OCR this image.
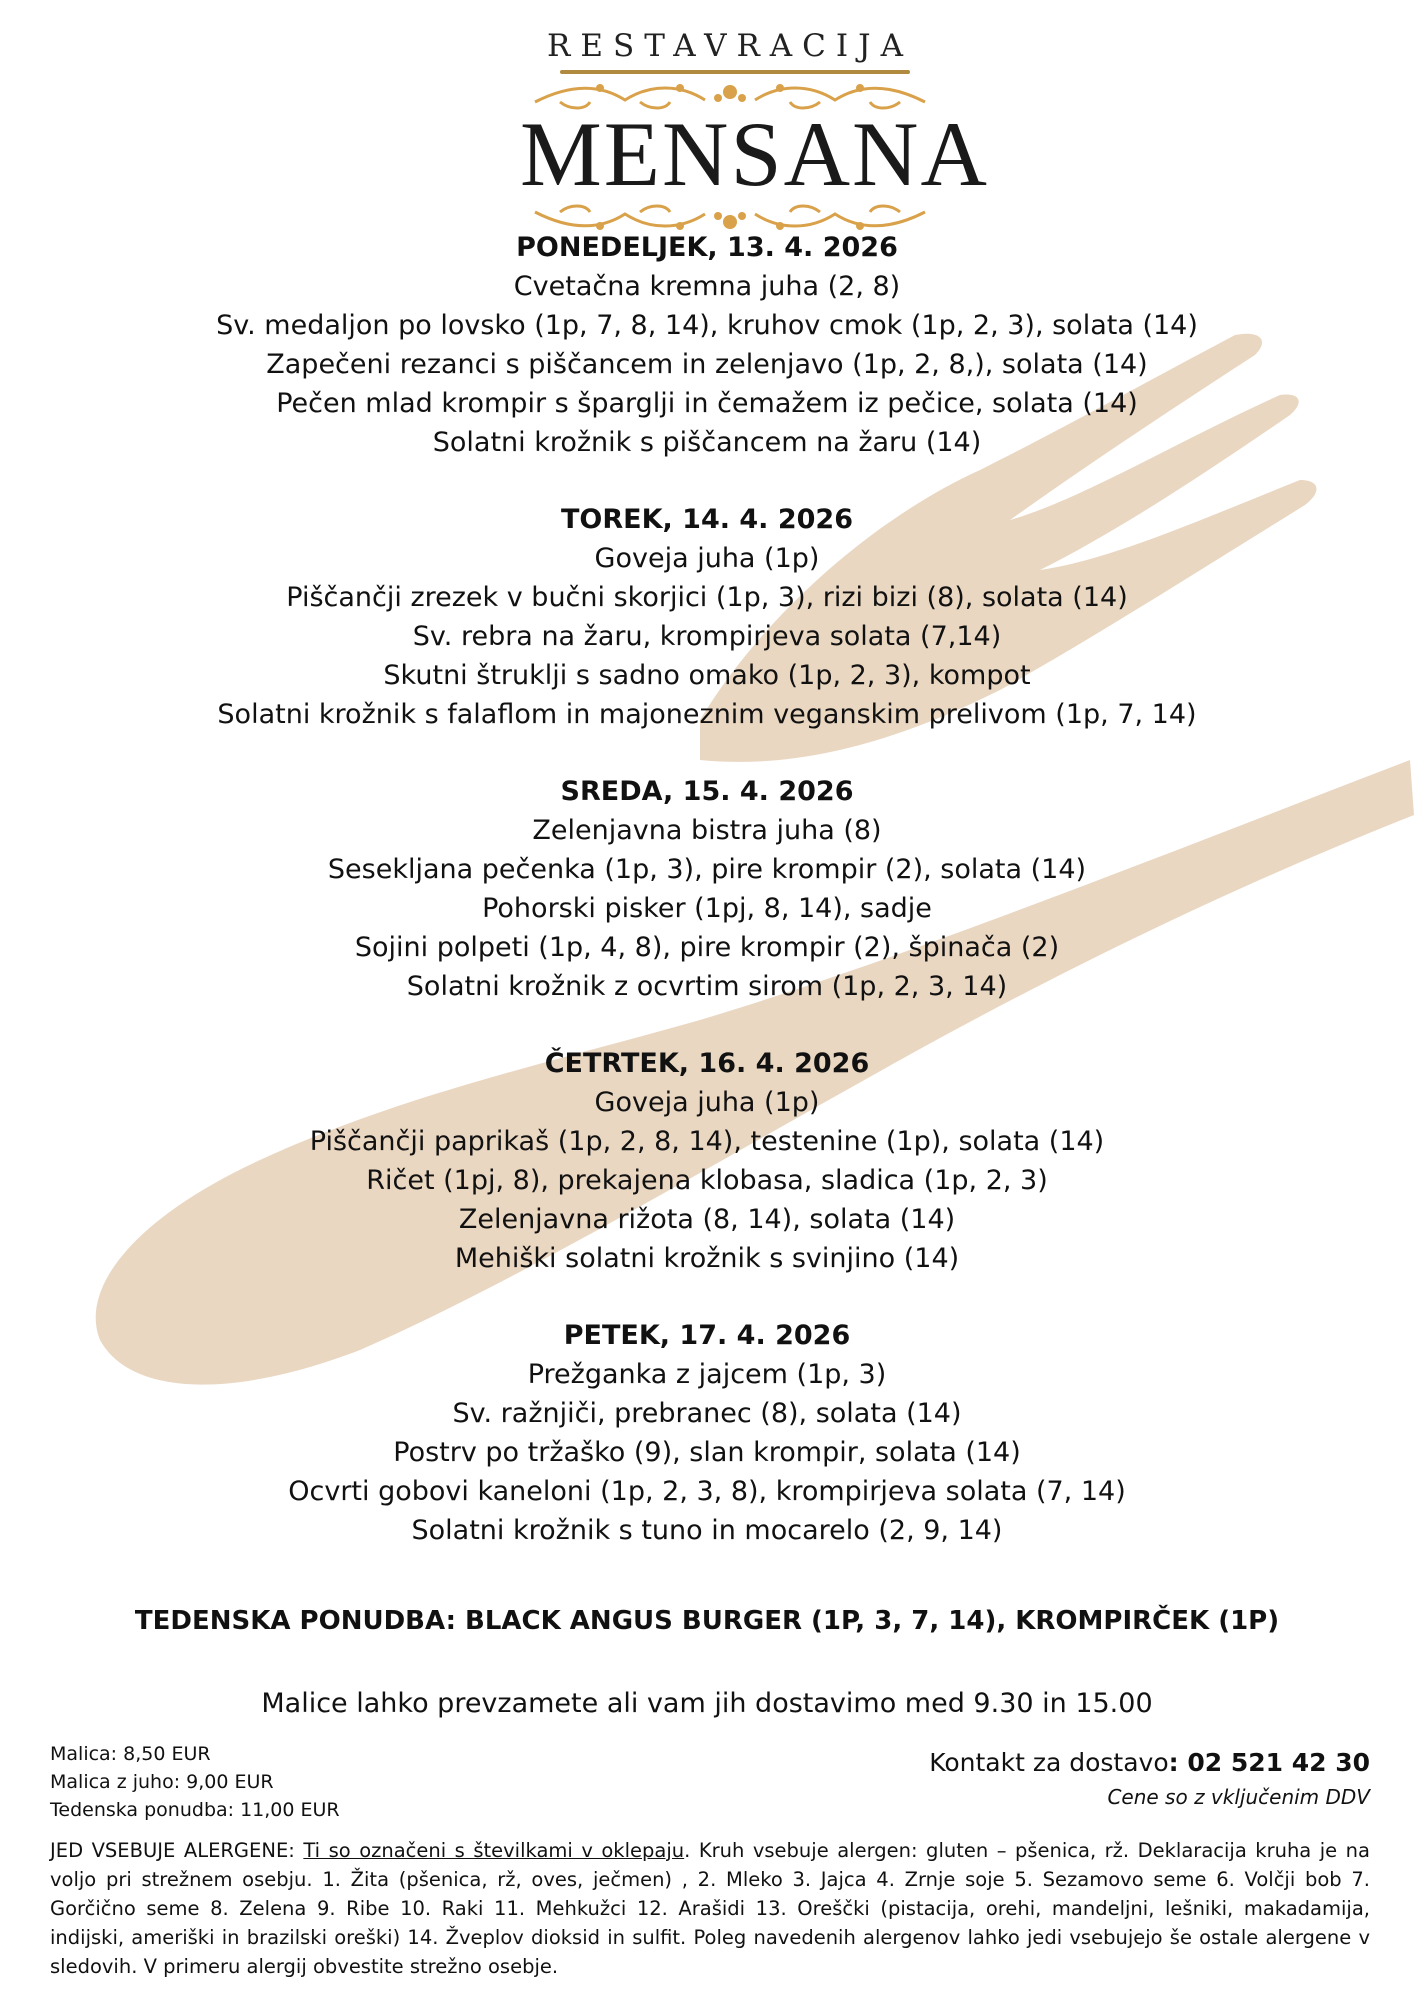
RESTAVRACIJA
MENSANA
PONEDELJEK, 13. 4. 2026
Cvetačna kremna juha (2, 8)
Sv. medaljon po lovsko (1p, 7, 8, 14), kruhov cmok (1p, 2, 3), solata (14)
Zapečeni rezanci s piščancem in zelenjavo (1p, 2, 8,), solata (14)
Pečen mlad krompir s šparglji in čemažem iz pečice, solata (14)
Solatni krožnik s piščancem na žaru (14)
TOREK, 14. 4. 2026
Goveja juha (1p)
Piščančji zrezek v bučni skorjici (1p, 3), rizi bizi (8), solata (14)
Sv. rebra na žaru, krompirjeva solata (7,14)
Skutni štruklji s sadno omako (1p, 2, 3), kompot
Solatni krožnik s falaflom in majoneznim veganskim prelivom (1p, 7, 14)
SREDA, 15. 4. 2026
Zelenjavna bistra juha (8)
Sesekljana pečenka (1p, 3), pire krompir (2), solata (14)
Pohorski pisker (1pj, 8, 14), sadje
Sojini polpeti (1p, 4, 8), pire krompir (2), špinača (2)
Solatni krožnik z ocvrtim sirom (1p, 2, 3, 14)
ČETRTEK, 16. 4. 2026
Goveja juha (1p)
Piščančji paprikaš (1p, 2, 8, 14), testenine (1p), solata (14)
Ričet (1pj, 8), prekajena klobasa, sladica (1p, 2, 3)
Zelenjavna rižota (8, 14), solata (14)
Mehiški solatni krožnik s svinjino (14)
PETEK, 17. 4. 2026
Prežganka z jajcem (1p, 3)
Sv. ražnjiči, prebranec (8), solata (14)
Postrv po tržaško (9), slan krompir, solata (14)
Ocvrti gobovi kaneloni (1p, 2, 3, 8), krompirjeva solata (7, 14)
Solatni krožnik s tuno in mocarelo (2, 9, 14)
TEDENSKA PONUDBA: BLACK ANGUS BURGER (1P, 3, 7, 14), KROMPIRČEK (1P)
Malice lahko prevzamete ali vam jih dostavimo med 9.30 in 15.00
Malica: 8,50 EUR
Malica z juho: 9,00 EUR
Tedenska ponudba: 11,00 EUR
Kontakt za dostavo: 02 521 42 30
Cene so z vključenim DDV
JED VSEBUJE ALERGENE: Ti so označeni s številkami v oklepaju. Kruh vsebuje alergen: gluten – pšenica, rž. Deklaracija kruha je na voljo pri strežnem osebju. 1. Žita (pšenica, rž, oves, ječmen) , 2. Mleko 3. Jajca 4. Zrnje soje 5. Sezamovo seme 6. Volčji bob 7. Gorčično seme 8. Zelena 9. Ribe 10. Raki 11. Mehkužci 12. Arašidi 13. Oreščki (pistacija, orehi, mandeljni, lešniki, makadamija, indijski, ameriški in brazilski oreški) 14. Žveplov dioksid in sulfit. Poleg navedenih alergenov lahko jedi vsebujejo še ostale alergene v sledovih. V primeru alergij obvestite strežno osebje.
